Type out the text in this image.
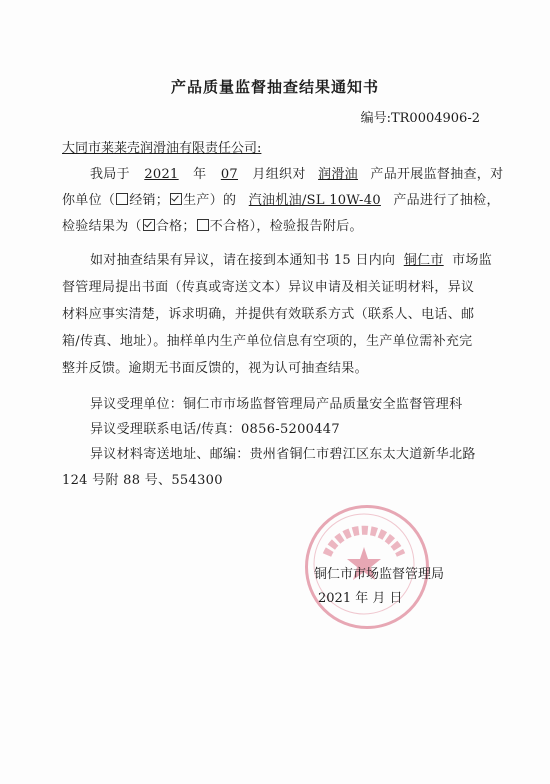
产品质量监督抽查结果通知书
编号:TR0004906-2
大同市莱莱壳润滑油有限责任公司:
我局于 2021 年 07 月组织对 润滑油 产品开展监督抽查，对
你单位（ 经销； 生产）的 汽油机油/SL 10W-40 产品进行了抽检，
检验结果为（ 合格； 不合格），检验报告附后。
如对抽查结果有异议，请在接到本通知书 15 日内向 铜仁市 市场监
督管理局提出书面（传真或寄送文本）异议申请及相关证明材料，异议
材料应事实清楚，诉求明确，并提供有效联系方式（联系人、电话、邮
箱/传真、地址）。抽样单内生产单位信息有空项的，生产单位需补充完
整并反馈。逾期无书面反馈的，视为认可抽查结果。
异议受理单位：铜仁市市场监督管理局产品质量安全监督管理科
异议受理联系电话/传真：0856-5200447
异议材料寄送地址、邮编：贵州省铜仁市碧江区东太大道新华北路
124 号附 88 号、554300
铜仁市市场监督管理局
2021 年 月 日
